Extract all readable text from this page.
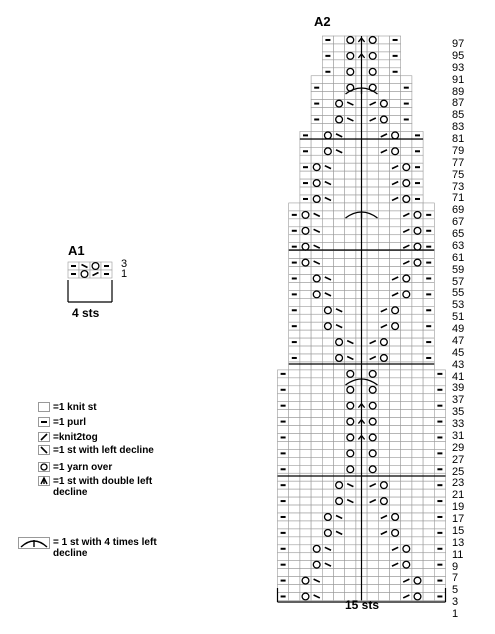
A2
97
95
93
91
89
87
85
83
81
79
77
75
73
71
69
67
65
63
61
59
57
55
53
51
49
47
45
43
41
39
37
35
33
31
29
27
25
23
21
19
17
15
13
11
9
7
5
3
1
15 sts
A1
3
1
4 sts
=1 knit st
=1 purl
=knit2tog
=1 st with left decline
=1 yarn over
=1 st with double left decline
= 1 st with 4 times left decline
